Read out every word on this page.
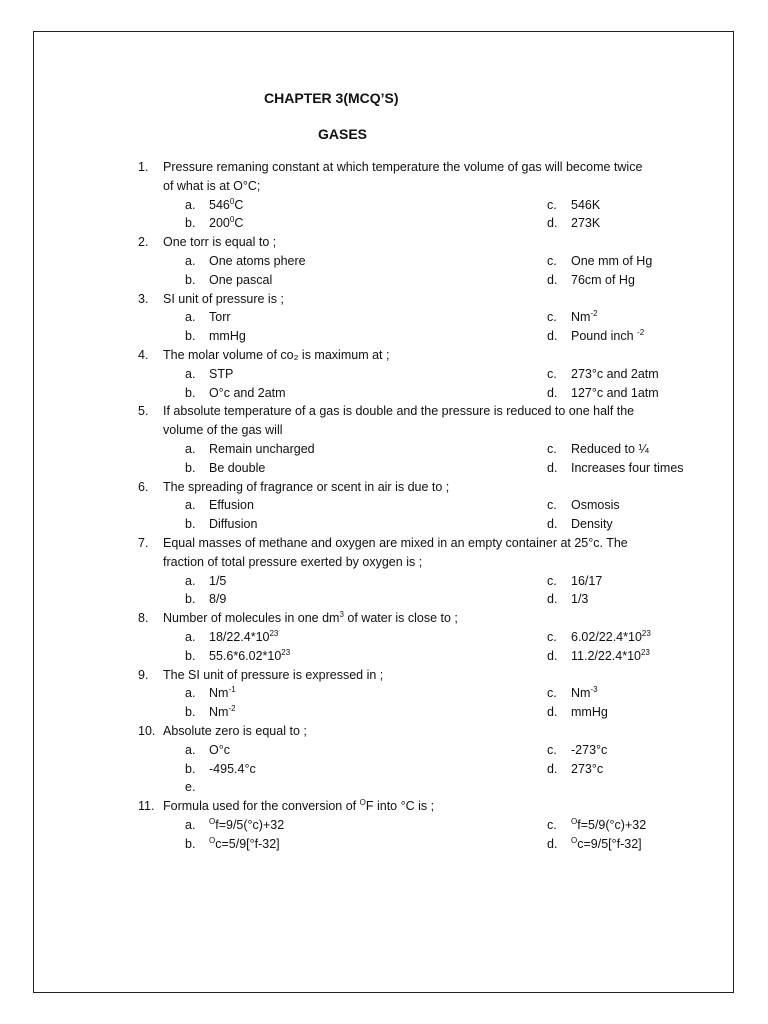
CHAPTER 3(MCQ’S)
GASES
1.	Pressure remaning constant at which temperature the volume of gas will become twice
of what is at O°C;
a.	$546^0C$	c.	546K
b.	$200^0C$	d.	273K
2.	One torr is equal to ;
a.	One atoms phere	c.	One mm of Hg
b.	One pascal	d.	76cm of Hg
3.	SI unit of pressure is ;
a.	Torr	c.	$Nm^{-2}$
b.	mmHg	d.	Pound inch $^{-2}$
4.	The molar volume of co₂ is maximum at ;
a.	STP	c.	273°c and 2atm
b.	O°c and 2atm	d.	127°c and 1atm
5.	If absolute temperature of a gas is double and the pressure is reduced to one half the
volume of the gas will
a.	Remain uncharged	c.	Reduced to ¼
b.	Be double	d.	Increases four times
6.	The spreading of fragrance or scent in air is due to ;
a.	Effusion	c.	Osmosis
b.	Diffusion	d.	Density
7.	Equal masses of methane and oxygen are mixed in an empty container at 25°c. The
fraction of total pressure exerted by oxygen is ;
a.	1/5	c.	16/17
b.	8/9	d.	1/3
8.	Number of molecules in one $dm^3$ of water is close to ;
a.	$18/22.4*10^{23}$	c.	$6.02/22.4*10^{23}$
b.	$55.6*6.02*10^{23}$	d.	$11.2/22.4*10^{23}$
9.	The SI unit of pressure is expressed in ;
a.	$Nm^{-1}$	c.	$Nm^{-3}$
b.	$Nm^{-2}$	d.	mmHg
10. Absolute zero is equal to ;
a.	O°c	c.	-273°c
b.	-495.4°c	d.	273°c
e.
11. Formula used for the conversion of $^O$F into °C is ;
a.	$^O$f=9/5(°c)+32	c.	$^O$f=5/9(°c)+32
b.	$^O$c=5/9[°f-32]	d.	$^O$c=9/5[°f-32]
